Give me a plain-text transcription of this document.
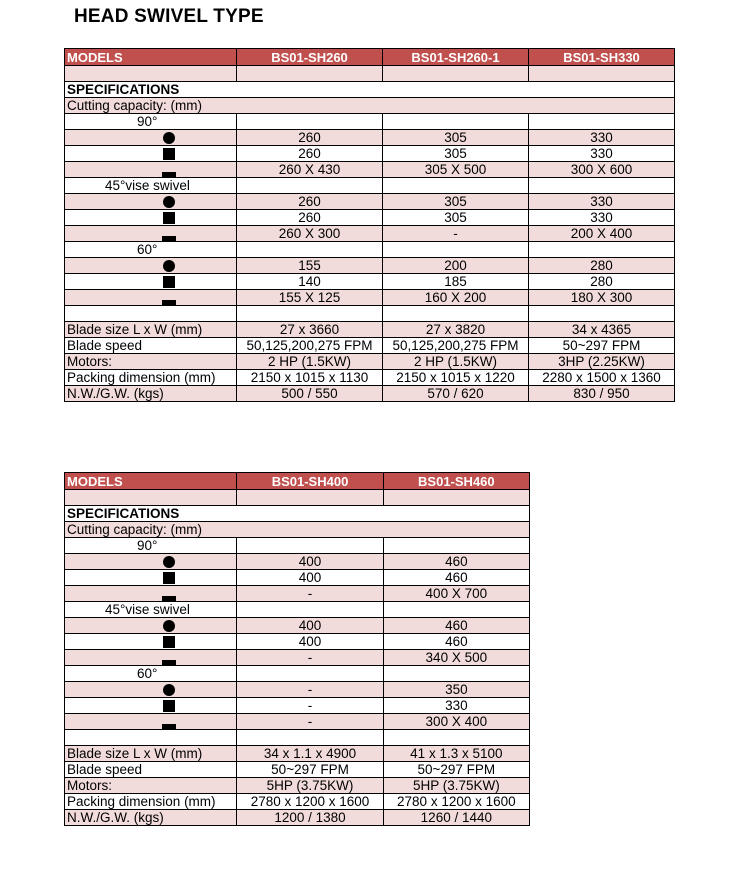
HEAD SWIVEL TYPE
MODELS	BS01-SH260	BS01-SH260-1	BS01-SH330

SPECIFICATIONS			
Cutting capacity: (mm)			
90°			

	260	305	330

	260	305	330

	260 X 430	305 X 500	300 X 600
45°vise swivel			

	260	305	330

	260	305	330

	260 X 300	-	200 X 400
60°			

	155	200	280

	140	185	280

	155 X 125	160 X 200	180 X 300

Blade size L x W (mm)	27 x 3660	27 x 3820	34 x 4365
Blade speed	50,125,200,275 FPM	50,125,200,275 FPM	50~297 FPM
Motors:	2 HP (1.5KW)	2 HP (1.5KW)	3HP (2.25KW)
Packing dimension (mm)	2150 x 1015 x 1130	2150 x 1015 x 1220	2280 x 1500 x 1360
N.W./G.W. (kgs)	500 / 550	570 / 620	830 / 950
MODELS	BS01-SH400	BS01-SH460

SPECIFICATIONS		
Cutting capacity: (mm)		
90°		

	400	460

	400	460

	-	400 X 700
45°vise swivel		

	400	460

	400	460

	-	340 X 500
60°		

	-	350

	-	330

	-	300 X 400

Blade size L x W (mm)	34 x 1.1 x 4900	41 x 1.3 x 5100
Blade speed	50~297 FPM	50~297 FPM
Motors:	5HP (3.75KW)	5HP (3.75KW)
Packing dimension (mm)	2780 x 1200 x 1600	2780 x 1200 x 1600
N.W./G.W. (kgs)	1200 / 1380	1260 / 1440
